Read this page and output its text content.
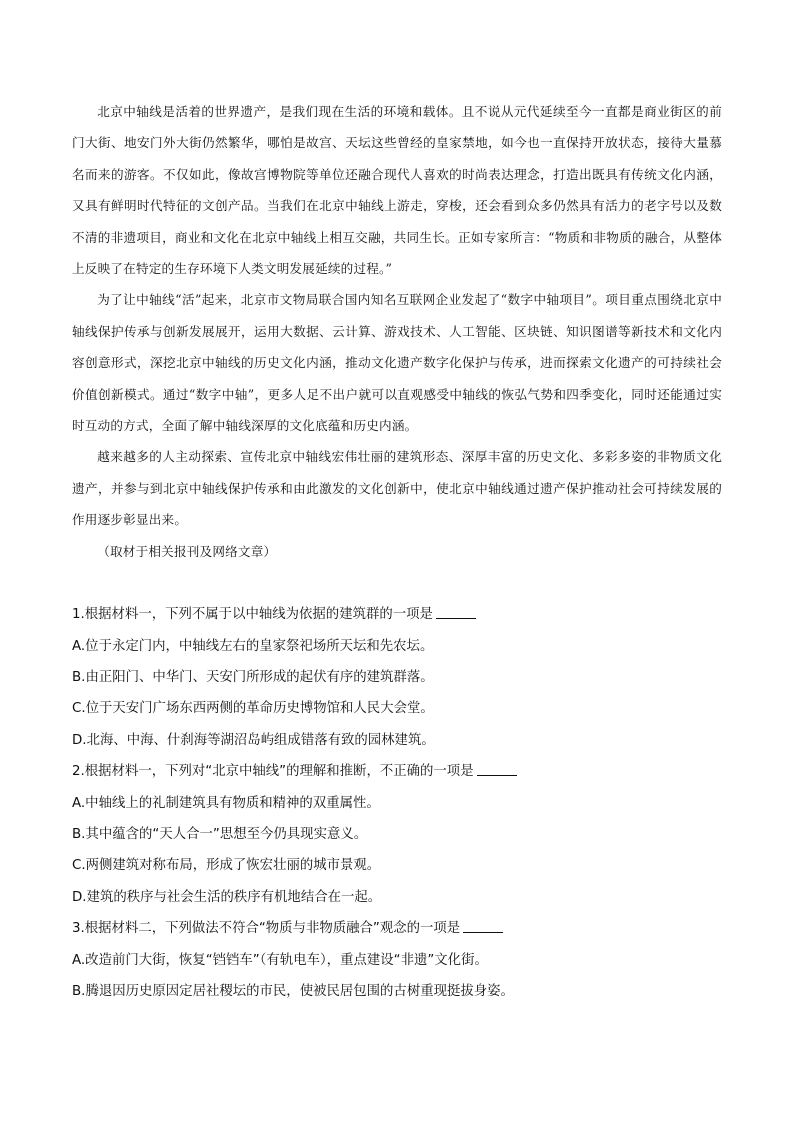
北京中轴线是活着的世界遗产，是我们现在生活的环境和载体。且不说从元代延续至今一直都是商业街区的前门大街、地安门外大街仍然繁华，哪怕是故宫、天坛这些曾经的皇家禁地，如今也一直保持开放状态，接待大量慕名而来的游客。不仅如此，像故宫博物院等单位还融合现代人喜欢的时尚表达理念，打造出既具有传统文化内涵，又具有鲜明时代特征的文创产品。当我们在北京中轴线上游走，穿梭，还会看到众多仍然具有活力的老字号以及数不清的非遗项目，商业和文化在北京中轴线上相互交融，共同生长。正如专家所言：“物质和非物质的融合，从整体上反映了在特定的生存环境下人类文明发展延续的过程。”

为了让中轴线“活”起来，北京市文物局联合国内知名互联网企业发起了“数字中轴项目”。项目重点围绕北京中轴线保护传承与创新发展展开，运用大数据、云计算、游戏技术、人工智能、区块链、知识图谱等新技术和文化内容创意形式，深挖北京中轴线的历史文化内涵，推动文化遗产数字化保护与传承，进而探索文化遗产的可持续社会价值创新模式。通过“数字中轴”，更多人足不出户就可以直观感受中轴线的恢弘气势和四季变化，同时还能通过实时互动的方式，全面了解中轴线深厚的文化底蕴和历史内涵。

越来越多的人主动探索、宣传北京中轴线宏伟壮丽的建筑形态、深厚丰富的历史文化、多彩多姿的非物质文化遗产，并参与到北京中轴线保护传承和由此激发的文化创新中，使北京中轴线通过遗产保护推动社会可持续发展的作用逐步彰显出来。

（取材于相关报刊及网络文章）

1.根据材料一，下列不属于以中轴线为依据的建筑群的一项是

A.位于永定门内，中轴线左右的皇家祭祀场所天坛和先农坛。

B.由正阳门、中华门、天安门所形成的起伏有序的建筑群落。

C.位于天安门广场东西两侧的革命历史博物馆和人民大会堂。

D.北海、中海、什刹海等湖沼岛屿组成错落有致的园林建筑。

2.根据材料一，下列对“北京中轴线”的理解和推断，不正确的一项是

A.中轴线上的礼制建筑具有物质和精神的双重属性。

B.其中蕴含的“天人合一”思想至今仍具现实意义。

C.两侧建筑对称布局，形成了恢宏壮丽的城市景观。

D.建筑的秩序与社会生活的秩序有机地结合在一起。

3.根据材料二，下列做法不符合“物质与非物质融合”观念的一项是

A.改造前门大街，恢复“铛铛车”（有轨电车），重点建设“非遗”文化街。

B.腾退因历史原因定居社稷坛的市民，使被民居包围的古树重现挺拔身姿。
